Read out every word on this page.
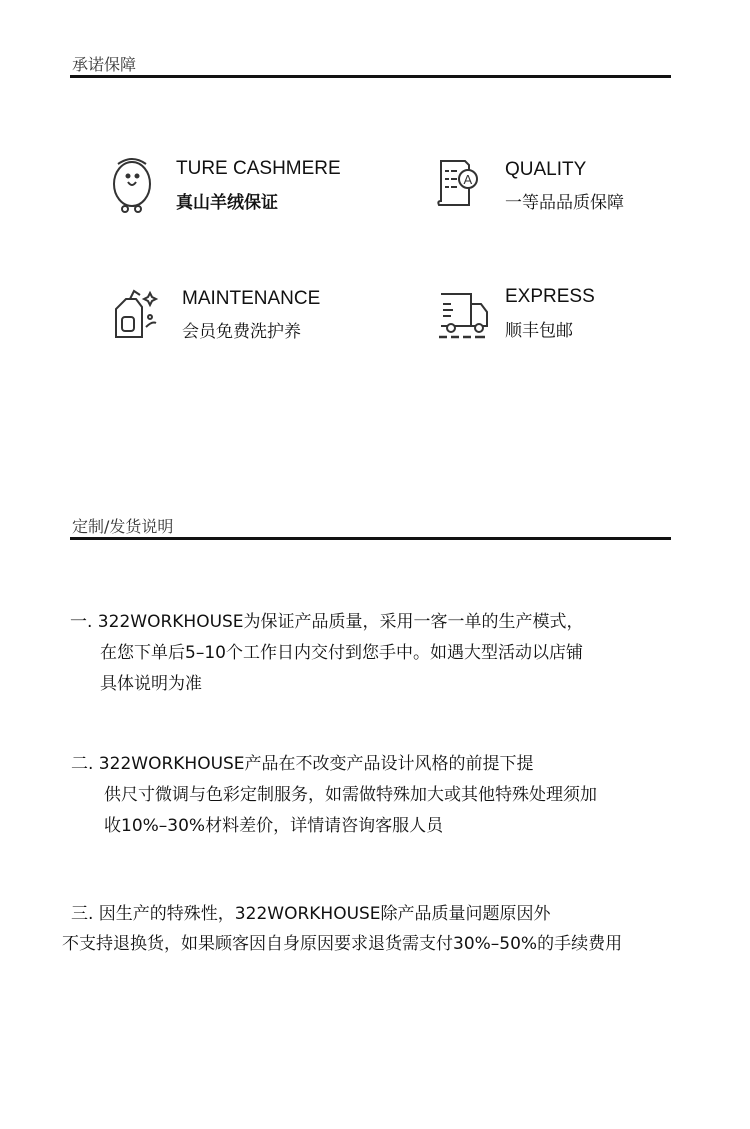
承诺保障
TURE CASHMERE
真山羊绒保证
A QUALITY
一等品品质保障
MAINTENANCE
会员免费洗护养
EXPRESS
顺丰包邮
定制/发货说明
一. 322WORKHOUSE为保证产品质量，采用一客一单的生产模式，
在您下单后5–10个工作日内交付到您手中。如遇大型活动以店铺
具体说明为准
二. 322WORKHOUSE产品在不改变产品设计风格的前提下提
供尺寸微调与色彩定制服务，如需做特殊加大或其他特殊处理须加
收10%–30%材料差价，详情请咨询客服人员
三. 因生产的特殊性，322WORKHOUSE除产品质量问题原因外
不支持退换货，如果顾客因自身原因要求退货需支付30%–50%的手续费用
